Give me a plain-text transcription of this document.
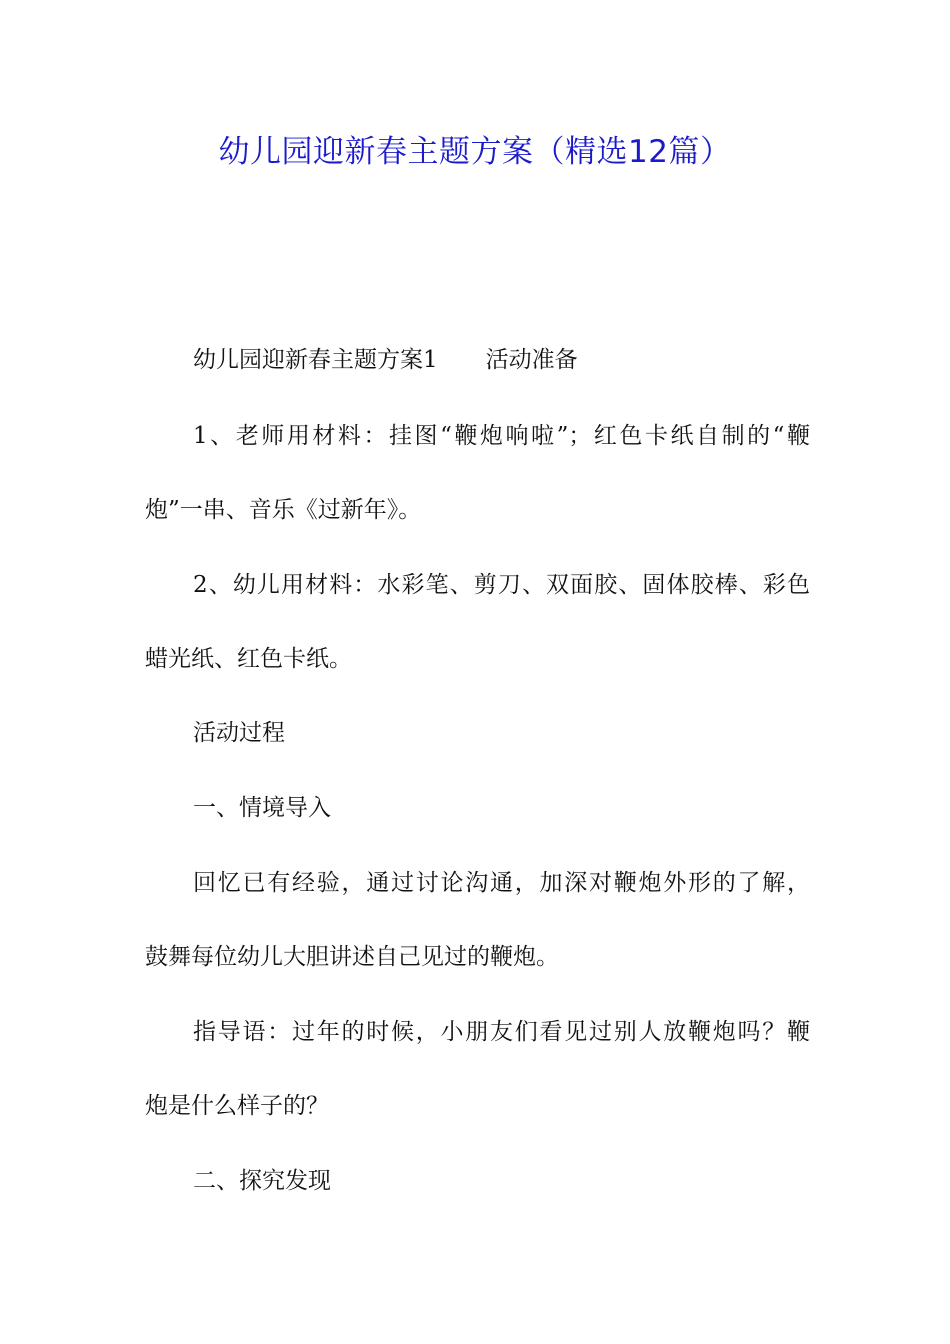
幼儿园迎新春主题方案（精选12篇）
幼儿园迎新春主题方案1 活动准备
1、老师用材料：挂图“鞭炮响啦”；红色卡纸自制的“鞭
炮”一串、音乐《过新年》。
2、幼儿用材料：水彩笔、剪刀、双面胶、固体胶棒、彩色
蜡光纸、红色卡纸。
活动过程
一、情境导入
回忆已有经验，通过讨论沟通，加深对鞭炮外形的了解，
鼓舞每位幼儿大胆讲述自己见过的鞭炮。
指导语：过年的时候，小朋友们看见过别人放鞭炮吗？鞭
炮是什么样子的？
二、探究发现
